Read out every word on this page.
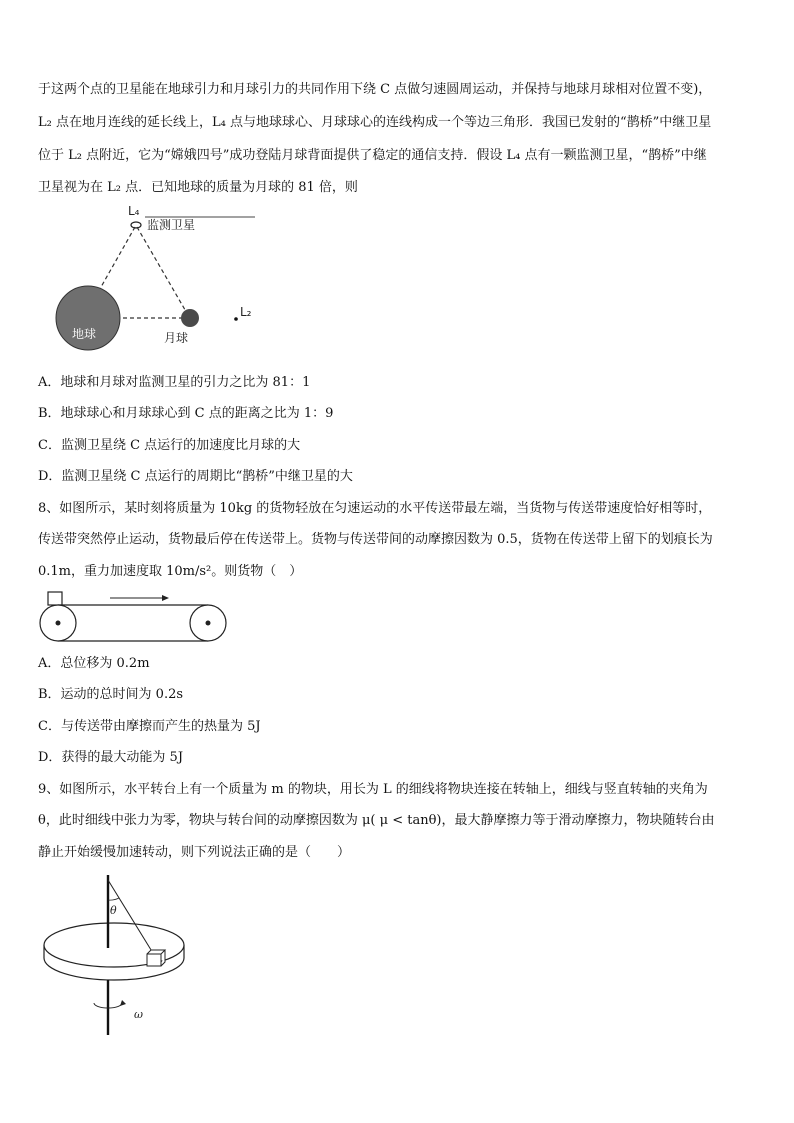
于这两个点的卫星能在地球引力和月球引力的共同作用下绕 C 点做匀速圆周运动，并保持与地球月球相对位置不变)，
L₂ 点在地月连线的延长线上，L₄ 点与地球球心、月球球心的连线构成一个等边三角形．我国已发射的“鹊桥”中继卫星
位于 L₂ 点附近，它为“嫦娥四号”成功登陆月球背面提供了稳定的通信支持．假设 L₄ 点有一颗监测卫星，“鹊桥”中继
卫星视为在 L₂ 点．已知地球的质量为月球的 81 倍，则
L₄
监测卫星
地球	月球
L₂
A．地球和月球对监测卫星的引力之比为 81：1
B．地球球心和月球球心到 C 点的距离之比为 1：9
C．监测卫星绕 C 点运行的加速度比月球的大
D．监测卫星绕 C 点运行的周期比“鹊桥”中继卫星的大
8、如图所示，某时刻将质量为 10kg 的货物轻放在匀速运动的水平传送带最左端，当货物与传送带速度恰好相等时，
传送带突然停止运动，货物最后停在传送带上。货物与传送带间的动摩擦因数为 0.5，货物在传送带上留下的划痕长为
0.1m，重力加速度取 10m/s²。则货物（　）
A．总位移为 0.2m
B．运动的总时间为 0.2s
C．与传送带由摩擦而产生的热量为 5J
D．获得的最大动能为 5J
9、如图所示，水平转台上有一个质量为 m 的物块，用长为 L 的细线将物块连接在转轴上，细线与竖直转轴的夹角为
θ，此时细线中张力为零，物块与转台间的动摩擦因数为 μ( μ < tanθ)，最大静摩擦力等于滑动摩擦力，物块随转台由
静止开始缓慢加速转动，则下列说法正确的是（　　）
θ
ω
